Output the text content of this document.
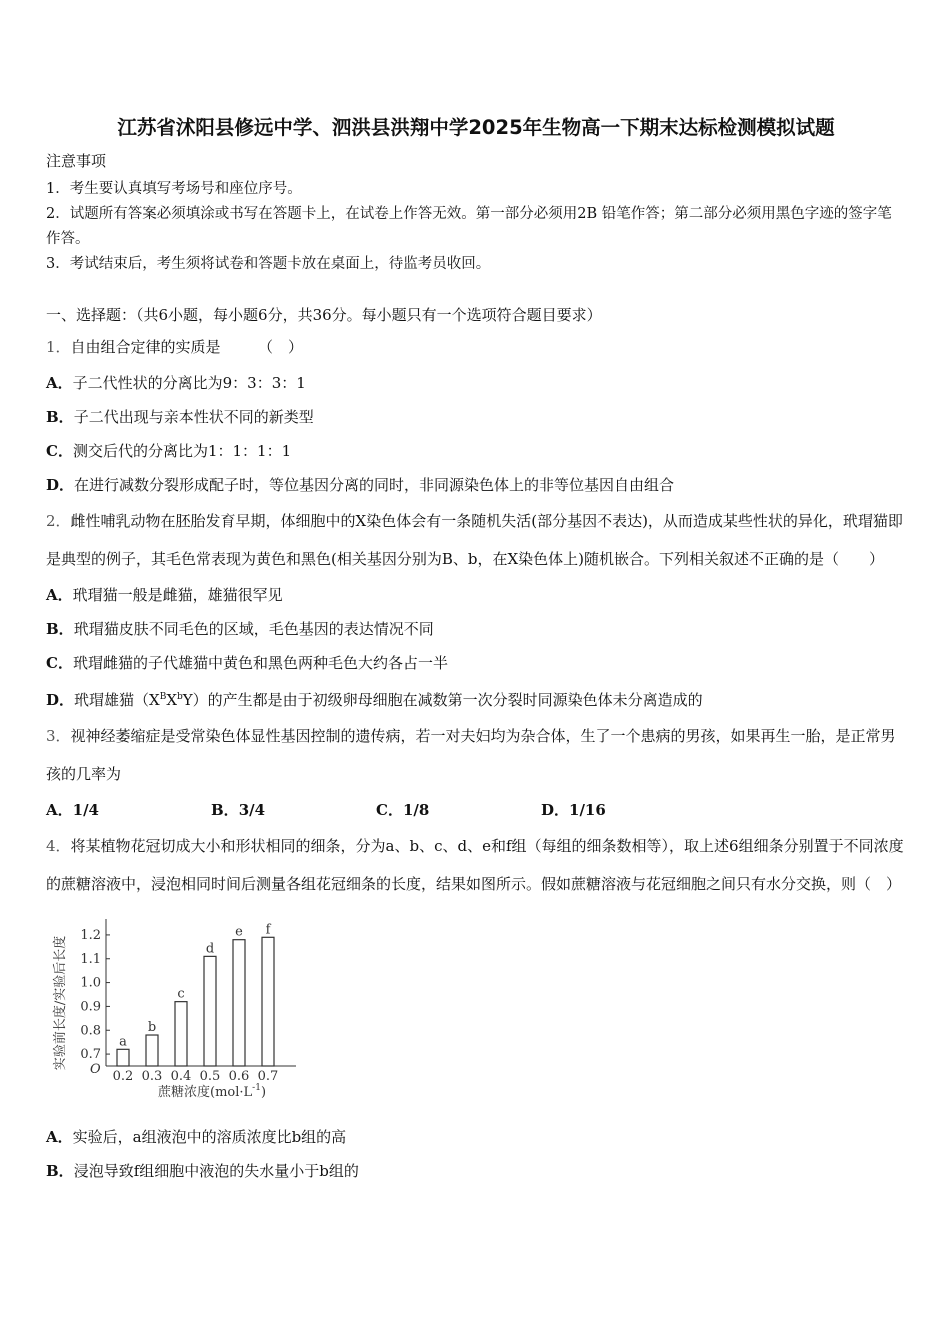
江苏省沭阳县修远中学、泗洪县洪翔中学2025年生物高一下期末达标检测模拟试题
注意事项

1．考生要认真填写考场号和座位序号。

2．试题所有答案必须填涂或书写在答题卡上，在试卷上作答无效。第一部分必须用2B 铅笔作答；第二部分必须用黑色字迹的签字笔作答。

3．考试结束后，考生须将试卷和答题卡放在桌面上，待监考员收回。

一、选择题：（共6小题，每小题6分，共36分。每小题只有一个选项符合题目要求）

1．自由组合定律的实质是　　　（　）

A．子二代性状的分离比为9：3：3：1

B．子二代出现与亲本性状不同的新类型

C．测交后代的分离比为1：1：1：1

D．在进行减数分裂形成配子时，等位基因分离的同时，非同源染色体上的非等位基因自由组合

2．雌性哺乳动物在胚胎发育早期，体细胞中的X染色体会有一条随机失活(部分基因不表达)，从而造成某些性状的异化，玳瑁猫即是典型的例子，其毛色常表现为黄色和黑色(相关基因分别为B、b，在X染色体上)随机嵌合。下列相关叙述不正确的是（　　）

A．玳瑁猫一般是雌猫，雄猫很罕见

B．玳瑁猫皮肤不同毛色的区域，毛色基因的表达情况不同

C．玳瑁雌猫的子代雄猫中黄色和黑色两种毛色大约各占一半

D．玳瑁雄猫$(X^BX^bY)$的产生都是由于初级卵母细胞在减数第一次分裂时同源染色体未分离造成的

3．视神经萎缩症是受常染色体显性基因控制的遗传病，若一对夫妇均为杂合体，生了一个患病的男孩，如果再生一胎，是正常男孩的几率为

A．1/4	B．3/4	C．1/8	D．1/16

4．将某植物花冠切成大小和形状相同的细条，分为a、b、c、d、e和f组（每组的细条数相等），取上述6组细条分别置于不同浓度的蔗糖溶液中，浸泡相同时间后测量各组花冠细条的长度，结果如图所示。假如蔗糖溶液与花冠细胞之间只有水分交换，则（　）

实验前长度/实验后长度 O
蔗糖浓度$(mol\cdot L^{-1})$
0.7
0.8
0.9
1.0
1.1
1.2
a
0.2
b
0.3
c
0.4
d
0.5
e
0.6
f
0.7

A．实验后，a组液泡中的溶质浓度比b组的高

B．浸泡导致f组细胞中液泡的失水量小于b组的
